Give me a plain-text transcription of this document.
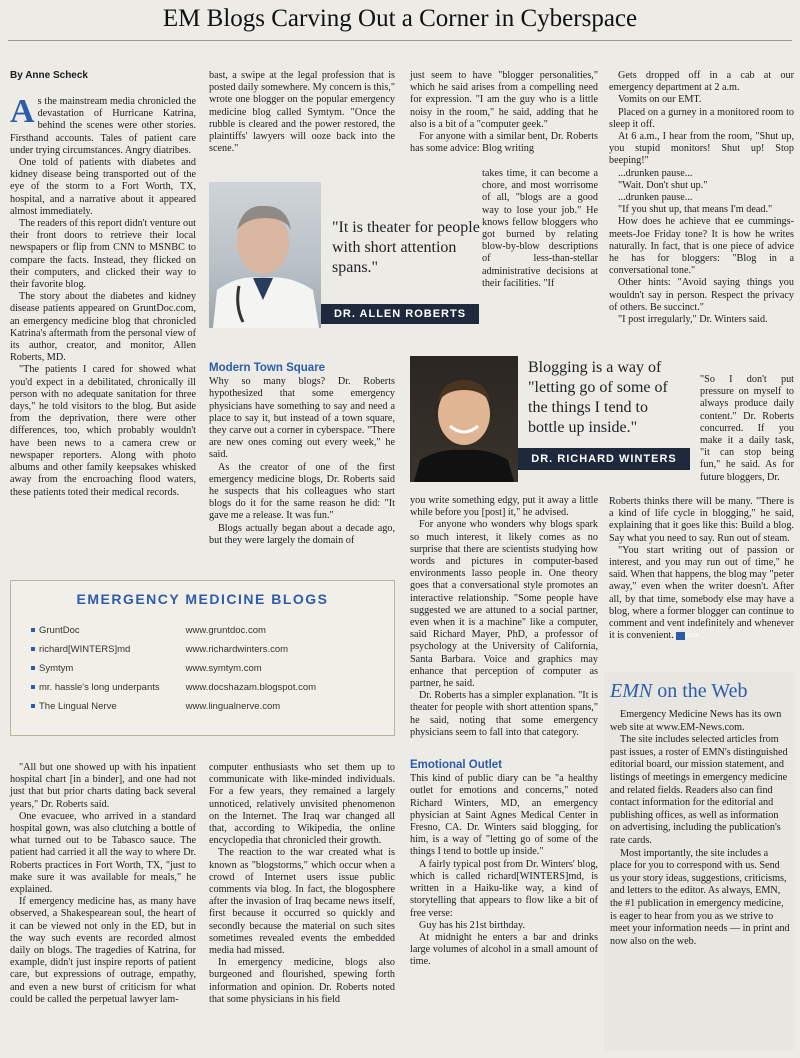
EM Blogs Carving Out a Corner in Cyberspace
By Anne Scheck

As the mainstream media chronicled the devastation of Hurricane Katrina, behind the scenes were other stories. Firsthand accounts. Tales of patient care under trying circumstances. Angry diatribes.

One told of patients with diabetes and kidney disease being transported out of the eye of the storm to a Fort Worth, TX, hospital, and a narrative about it appeared almost immediately.

The readers of this report didn't venture out their front doors to retrieve their local newspapers or flip from CNN to MSNBC to compare the facts. Instead, they flicked on their computers, and clicked their way to their favorite blog.

The story about the diabetes and kidney disease patients appeared on GruntDoc.com, an emergency medicine blog that chronicled Katrina's aftermath from the personal view of its author, creator, and monitor, Allen Roberts, MD.

"The patients I cared for showed what you'd expect in a debilitated, chronically ill person with no adequate sanitation for three days," he told visitors to the blog. But aside from the deprivation, there were other differences, too, which probably wouldn't have been news to a camera crew or newspaper reporters. Along with photo albums and other family keepsakes whisked away from the encroaching flood waters, these patients toted their medical records.

bast, a swipe at the legal profession that is posted daily somewhere. My concern is this," wrote one blogger on the popular emergency medicine blog called Symtym. "Once the rubble is cleared and the power restored, the plaintiffs' lawyers will ooze back into the scene."

"It is theater for people with short attention spans."
DR. ALLEN ROBERTS
Modern Town Square

Why so many blogs? Dr. Roberts hypothesized that some emergency physicians have something to say and need a place to say it, but instead of a town square, they carve out a corner in cyberspace. "There are new ones coming out every week," he said.

As the creator of one of the first emergency medicine blogs, Dr. Roberts said he suspects that his colleagues who start blogs do it for the same reason he did: "It gave me a release. It was fun."

Blogs actually began about a decade ago, but they were largely the domain of

just seem to have "blogger personalities," which he said arises from a compelling need for expression. "I am the guy who is a little noisy in the room," he said, adding that he also is a bit of a "computer geek."

For anyone with a similar bent, Dr. Roberts has some advice: Blog writing

takes time, it can become a chore, and most worrisome of all, "blogs are a good way to lose your job." He knows fellow bloggers who got burned by relating blow-by-blow descriptions of less-than-stellar administrative decisions at their facilities. "If

Blogging is a way of "letting go of some of the things I tend to bottle up inside."
DR. RICHARD WINTERS

you write something edgy, put it away a little while before you [post] it," he advised.

For anyone who wonders why blogs spark so much interest, it likely comes as no surprise that there are scientists studying how words and pictures in computer-based environments lasso people in. One theory goes that a conversational style promotes an interactive relationship. "Some people have suggested we are attuned to a social partner, even when it is a machine" like a computer, said Richard Mayer, PhD, a professor of psychology at the University of California, Santa Barbara. Voice and graphics may enhance that perception of computer as partner, he said.

Dr. Roberts has a simpler explanation. "It is theater for people with short attention spans," he said, noting that some emergency physicians seem to fall into that category.

Emotional Outlet

This kind of public diary can be "a healthy outlet for emotions and concerns," noted Richard Winters, MD, an emergency physician at Saint Agnes Medical Center in Fresno, CA. Dr. Winters said blogging, for him, is a way of "letting go of some of the things I tend to bottle up inside."

A fairly typical post from Dr. Winters' blog, which is called richard[WINTERS]md, is written in a Haiku-like way, a kind of storytelling that appears to flow like a bit of free verse:

Guy has his 21st birthday.

At midnight he enters a bar and drinks large volumes of alcohol in a small amount of time.

Gets dropped off in a cab at our emergency department at 2 a.m.

Vomits on our EMT.

Placed on a gurney in a monitored room to sleep it off.

At 6 a.m., I hear from the room, "Shut up, you stupid monitors! Shut up! Stop beeping!"

...drunken pause...

"Wait. Don't shut up."

...drunken pause...

"If you shut up, that means I'm dead."

How does he achieve that ee cummings-meets-Joe Friday tone? It is how he writes naturally. In fact, that is one piece of advice he has for bloggers: "Blog in a conversational tone."

Other hints: "Avoid saying things you wouldn't say in person. Respect the privacy of others. Be succinct."

"I post irregularly," Dr. Winters said.

"So I don't put pressure on myself to always produce daily content." Dr. Roberts concurred. If you make it a daily task, "it can stop being fun," he said. As for future bloggers, Dr.

Roberts thinks there will be many. "There is a kind of life cycle in blogging," he said, explaining that it goes like this: Build a blog. Say what you need to say. Run out of steam.

"You start writing out of passion or interest, and you may run out of time," he said. When that happens, the blog may "peter away," even when the writer doesn't. After all, by that time, somebody else may have a blog, where a former blogger can continue to comment and vent indefinitely and whenever it is convenient. EMN

EMERGENCY MEDICINE BLOGS
GruntDoc	www.gruntdoc.com
richard[WINTERS]md	www.richardwinters.com
Symtym	www.symtym.com
mr. hassle's long underpants	www.docshazam.blogspot.com
The Lingual Nerve	www.lingualnerve.com

"All but one showed up with his inpatient hospital chart [in a binder], and one had not just that but prior charts dating back several years," Dr. Roberts said.

One evacuee, who arrived in a standard hospital gown, was also clutching a bottle of what turned out to be Tabasco sauce. The patient had carried it all the way to where Dr. Roberts practices in Fort Worth, TX, "just to make sure it was available for meals," he explained.

If emergency medicine has, as many have observed, a Shakespearean soul, the heart of it can be viewed not only in the ED, but in the way such events are recorded almost daily on blogs. The tragedies of Katrina, for example, didn't just inspire reports of patient care, but expressions of outrage, empathy, and even a new burst of criticism for what could be called the perpetual lawyer lam-

computer enthusiasts who set them up to communicate with like-minded individuals. For a few years, they remained a largely unnoticed, relatively unvisited phenomenon on the Internet. The Iraq war changed all that, according to Wikipedia, the online encyclopedia that chronicled their growth.

The reaction to the war created what is known as "blogstorms," which occur when a crowd of Internet users issue public comments via blog. In fact, the blogosphere after the invasion of Iraq became news itself, first because it occurred so quickly and secondly because the material on such sites sometimes revealed events the embedded media had missed.

In emergency medicine, blogs also burgeoned and flourished, spewing forth information and opinion. Dr. Roberts noted that some physicians in his field

EMN on the Web

Emergency Medicine News has its own web site at www.EM-News.com.

The site includes selected articles from past issues, a roster of EMN's distinguished editorial board, our mission statement, and listings of meetings in emergency medicine and related fields. Readers also can find contact information for the editorial and publishing offices, as well as information on advertising, including the publication's rate cards.

Most importantly, the site includes a place for you to correspond with us. Send us your story ideas, suggestions, criticisms, and letters to the editor. As always, EMN, the #1 publication in emergency medicine, is eager to hear from you as we strive to meet your information needs — in print and now also on the web.
